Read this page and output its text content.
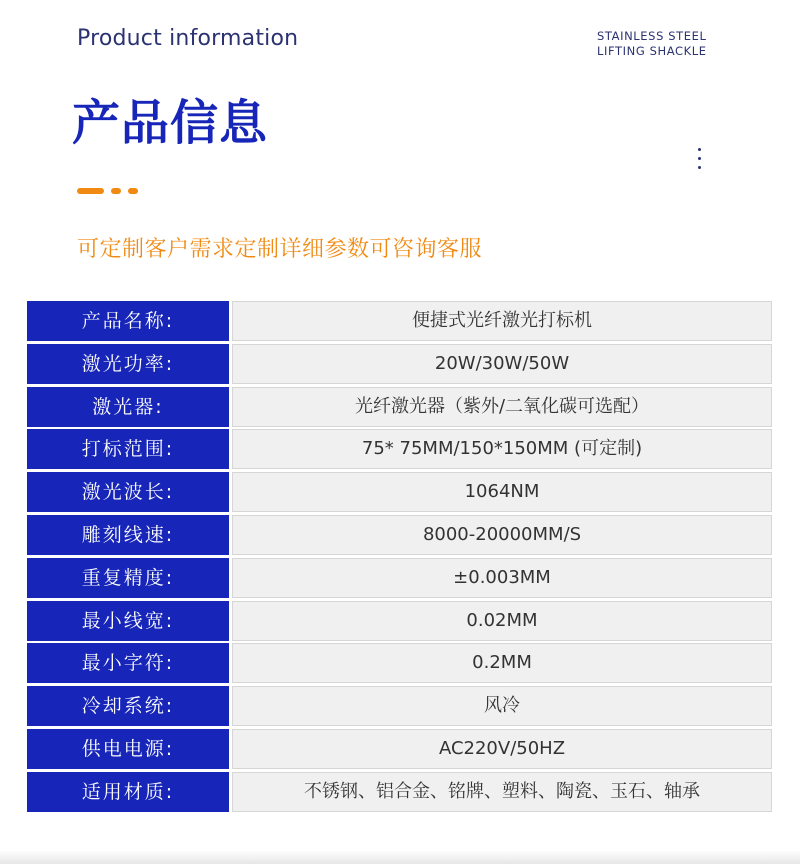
Product information	STAINLESS STEEL
LIFTING SHACKLE
产品信息
可定制客户需求定制详细参数可咨询客服
产品名称:	便捷式光纤激光打标机
激光功率:	20W/30W/50W
激光器:	光纤激光器（紫外/二氧化碳可选配）
打标范围:	75* 75MM/150*150MM (可定制)
激光波长:	1064NM
雕刻线速:	8000-20000MM/S
重复精度:	±0.003MM
最小线宽:	0.02MM
最小字符:	0.2MM
冷却系统:	风冷
供电电源:	AC220V/50HZ
适用材质:	不锈钢、铝合金、铭牌、塑料、陶瓷、玉石、轴承
